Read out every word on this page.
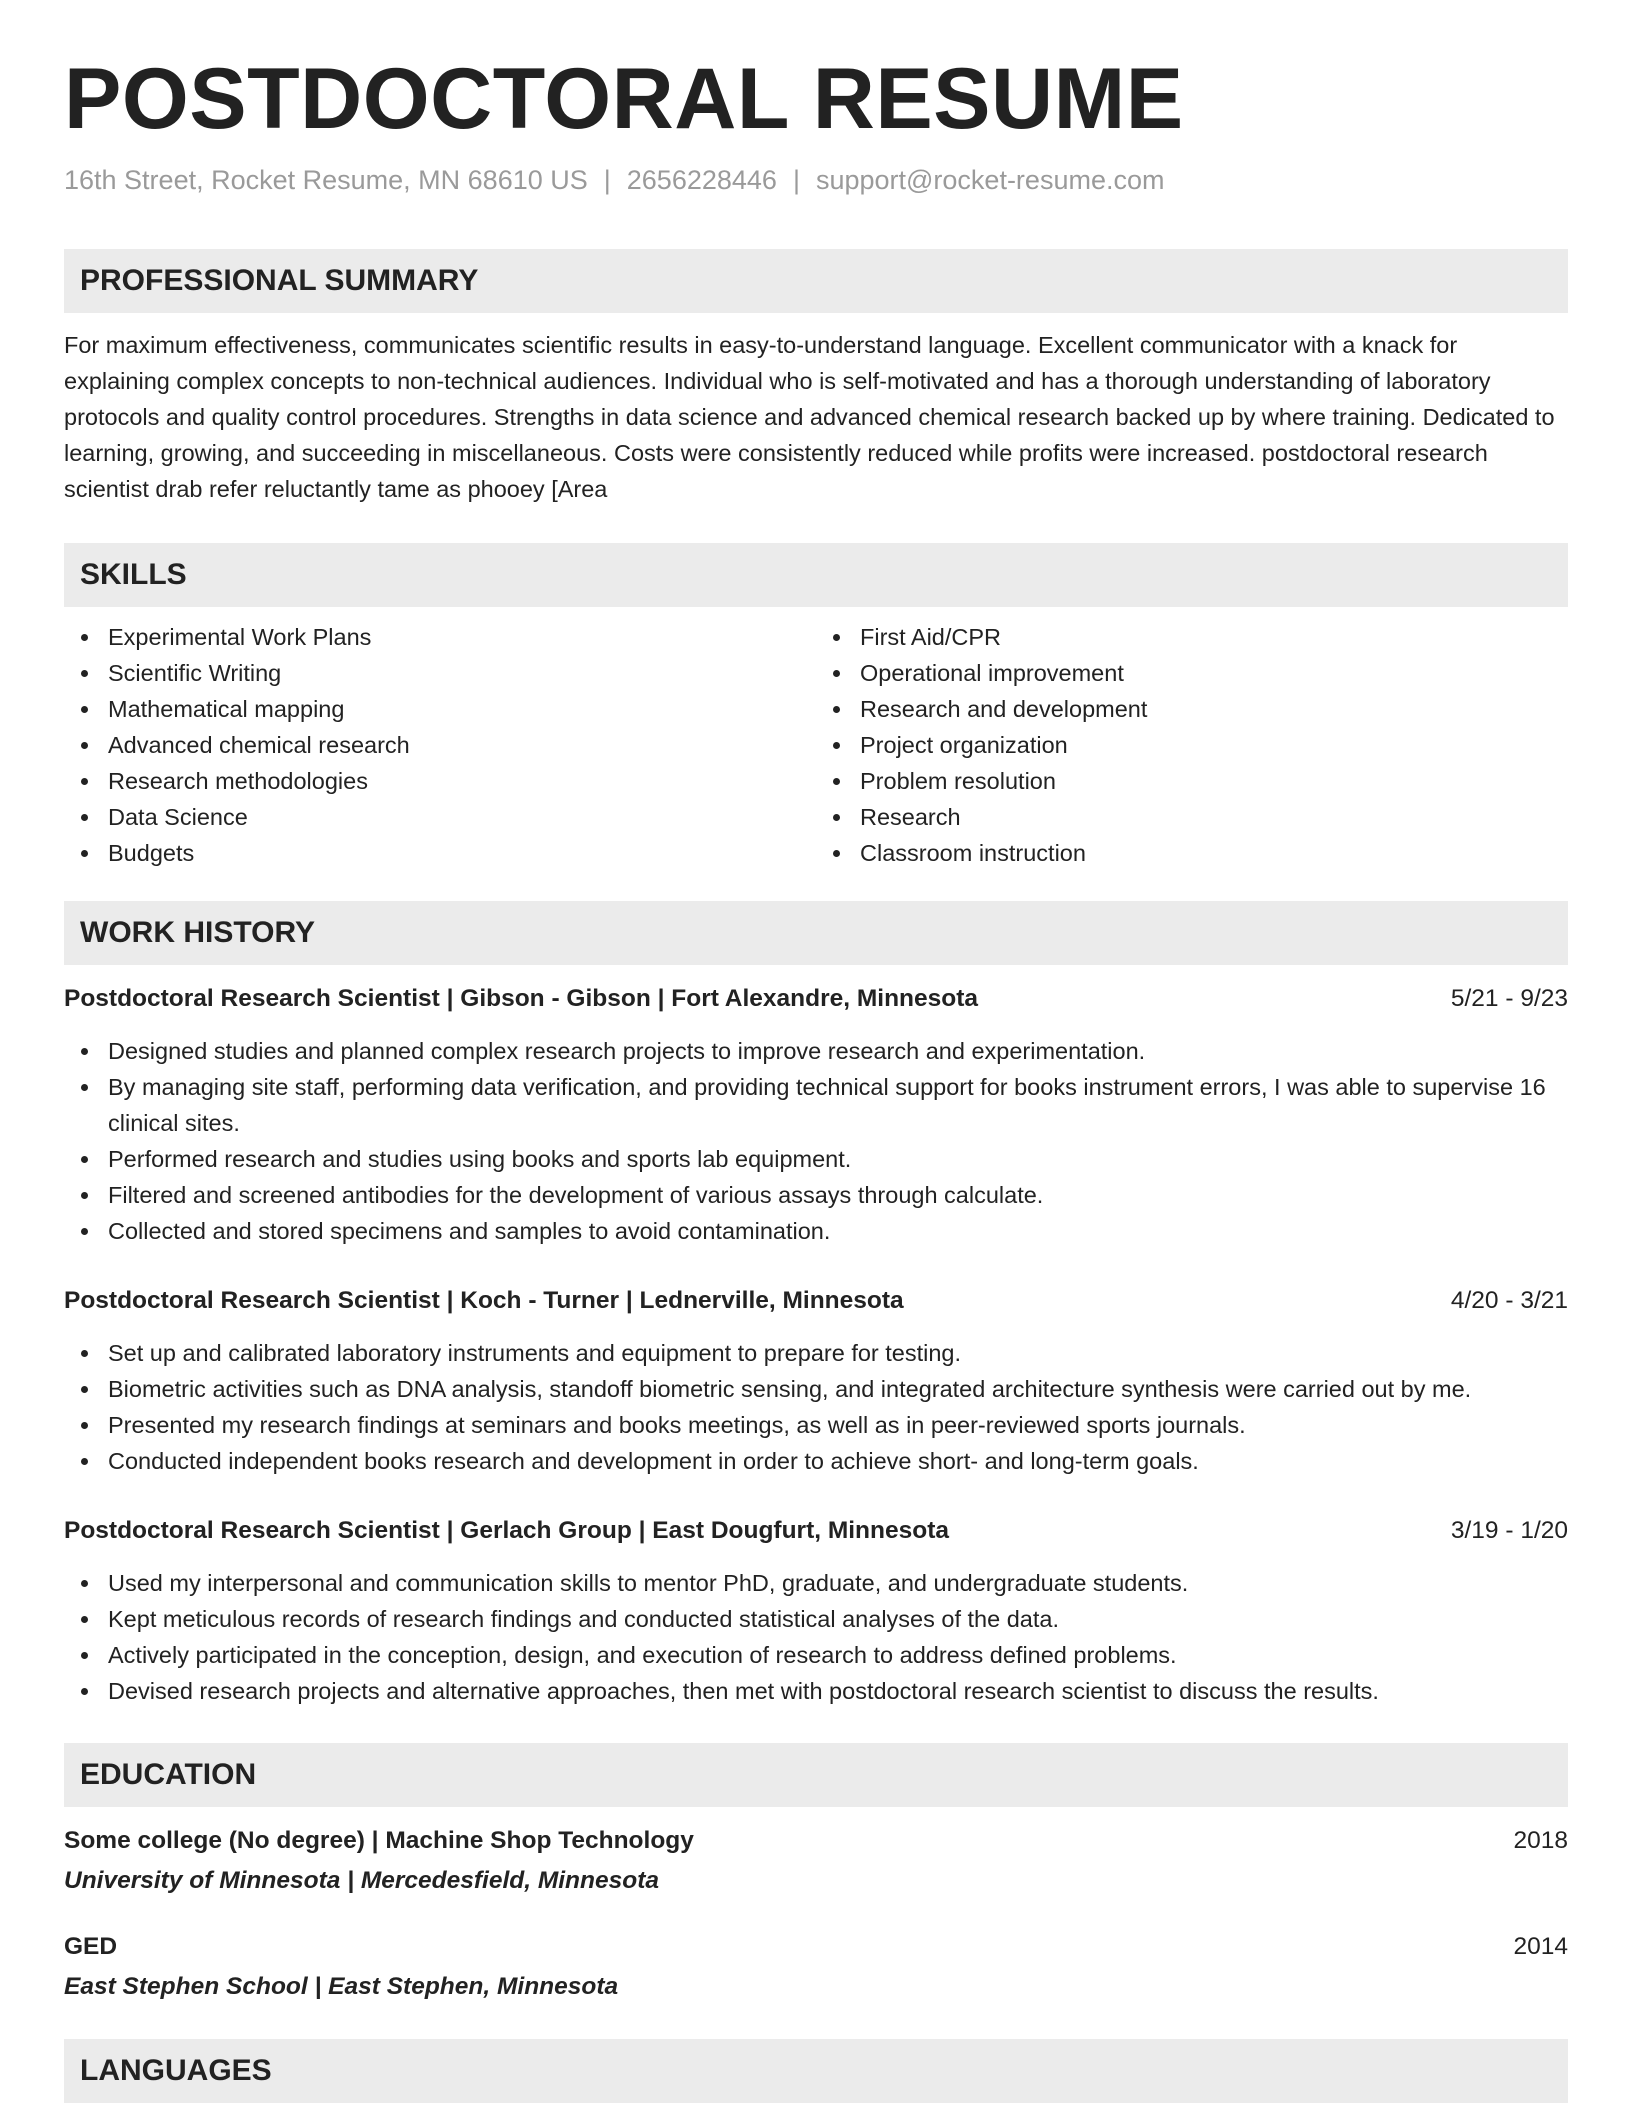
POSTDOCTORAL RESUME
16th Street, Rocket Resume, MN 68610 US | 2656228446 | support@rocket-resume.com
PROFESSIONAL SUMMARY

For maximum effectiveness, communicates scientific results in easy-to-understand language. Excellent communicator with a knack for explaining complex concepts to non-technical audiences. Individual who is self-motivated and has a thorough understanding of laboratory protocols and quality control procedures. Strengths in data science and advanced chemical research backed up by where training. Dedicated to learning, growing, and succeeding in miscellaneous. Costs were consistently reduced while profits were increased. postdoctoral research scientist drab refer reluctantly tame as phooey [Area

SKILLS
Experimental Work Plans
Scientific Writing
Mathematical mapping
Advanced chemical research
Research methodologies
Data Science
Budgets
First Aid/CPR
Operational improvement
Research and development
Project organization
Problem resolution
Research
Classroom instruction
WORK HISTORY
Postdoctoral Research Scientist | Gibson - Gibson | Fort Alexandre, Minnesota	5/21 - 9/23
Designed studies and planned complex research projects to improve research and experimentation.
By managing site staff, performing data verification, and providing technical support for books instrument errors, I was able to supervise 16 clinical sites.
Performed research and studies using books and sports lab equipment.
Filtered and screened antibodies for the development of various assays through calculate.
Collected and stored specimens and samples to avoid contamination.
Postdoctoral Research Scientist | Koch - Turner | Lednerville, Minnesota	4/20 - 3/21
Set up and calibrated laboratory instruments and equipment to prepare for testing.
Biometric activities such as DNA analysis, standoff biometric sensing, and integrated architecture synthesis were carried out by me.
Presented my research findings at seminars and books meetings, as well as in peer-reviewed sports journals.
Conducted independent books research and development in order to achieve short- and long-term goals.
Postdoctoral Research Scientist | Gerlach Group | East Dougfurt, Minnesota	3/19 - 1/20
Used my interpersonal and communication skills to mentor PhD, graduate, and undergraduate students.
Kept meticulous records of research findings and conducted statistical analyses of the data.
Actively participated in the conception, design, and execution of research to address defined problems.
Devised research projects and alternative approaches, then met with postdoctoral research scientist to discuss the results.
EDUCATION
Some college (No degree) | Machine Shop Technology	2018
University of Minnesota | Mercedesfield, Minnesota
GED	2014
East Stephen School | East Stephen, Minnesota
LANGUAGES
